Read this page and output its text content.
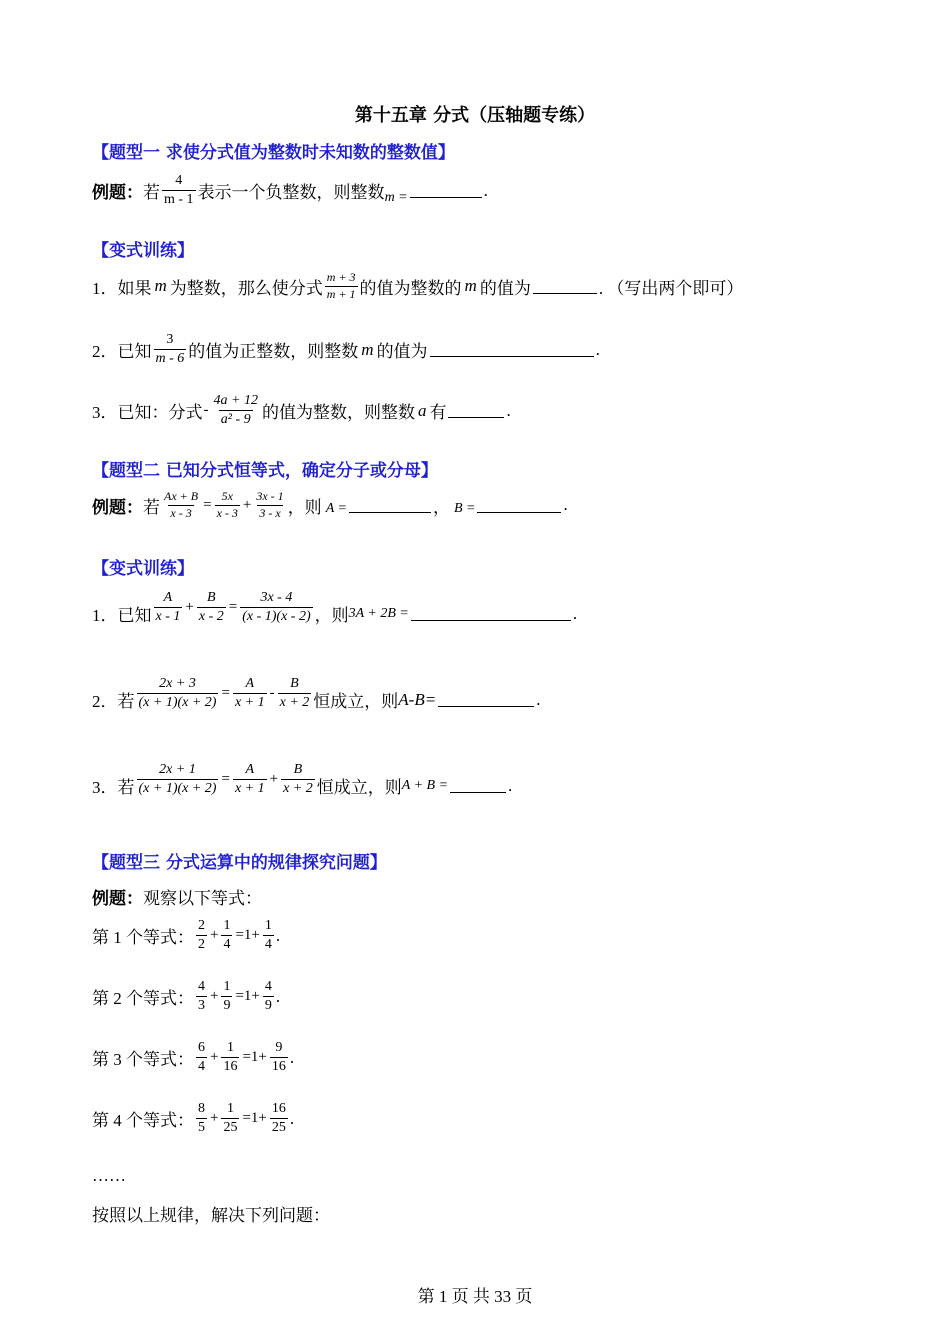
第十五章 分式（压轴题专练）
【题型一 求使分式值为整数时未知数的整数值】
例题： 若 $\frac{4}{m - 1}$ 表示一个负整数，则整数 m =	.
【变式训练】
1．如果 m 为整数，那么使分式 $\frac{m + 3}{m + 1}$ 的值为整数的 m 的值为	. （写出两个即可）
2．已知 $\frac{3}{m - 6}$ 的值为正整数，则整数 m 的值为	.
3．已知：分式 - $\frac{4a + 12}{\text{a² - 9}}$ 的值为整数，则整数 a 有	.
【题型二 已知分式恒等式，确定分子或分母】
例题： 若 $\frac{Ax + B}{x - 3} = \frac{5x}{x - 3} + \frac{3x - 1}{3 - x}$ ，则 A =	， B =	.
【变式训练】
1．已知 $\frac{A}{x - 1} + \frac{B}{x - 2} = \frac{3x - 4}{(x - 1)(x - 2)}$ ，则 3A + 2B =	.
2．若 $\frac{2x + 3}{(x + 1)(x + 2)} = \frac{A}{x + 1} - \frac{B}{x + 2}$ 恒成立，则 A-B=	.
3．若 $\frac{2x + 1}{(x + 1)(x + 2)} = \frac{A}{x + 1} + \frac{B}{x + 2}$ 恒成立，则 A + B =	.
【题型三 分式运算中的规律探究问题】
例题： 观察以下等式：
第 1 个等式： $\frac{2}{2} + \frac{1}{4} =1+ \frac{1}{4}$ .
第 2 个等式： $\frac{4}{3} + \frac{1}{9} =1+ \frac{4}{9}$ .
第 3 个等式： $\frac{6}{4} + \frac{1}{16} =1+ \frac{9}{16}$ .
第 4 个等式： $\frac{8}{5} + \frac{1}{25} =1+ \frac{16}{25}$ .
……
按照以上规律，解决下列问题：
第 1 页 共 33 页
